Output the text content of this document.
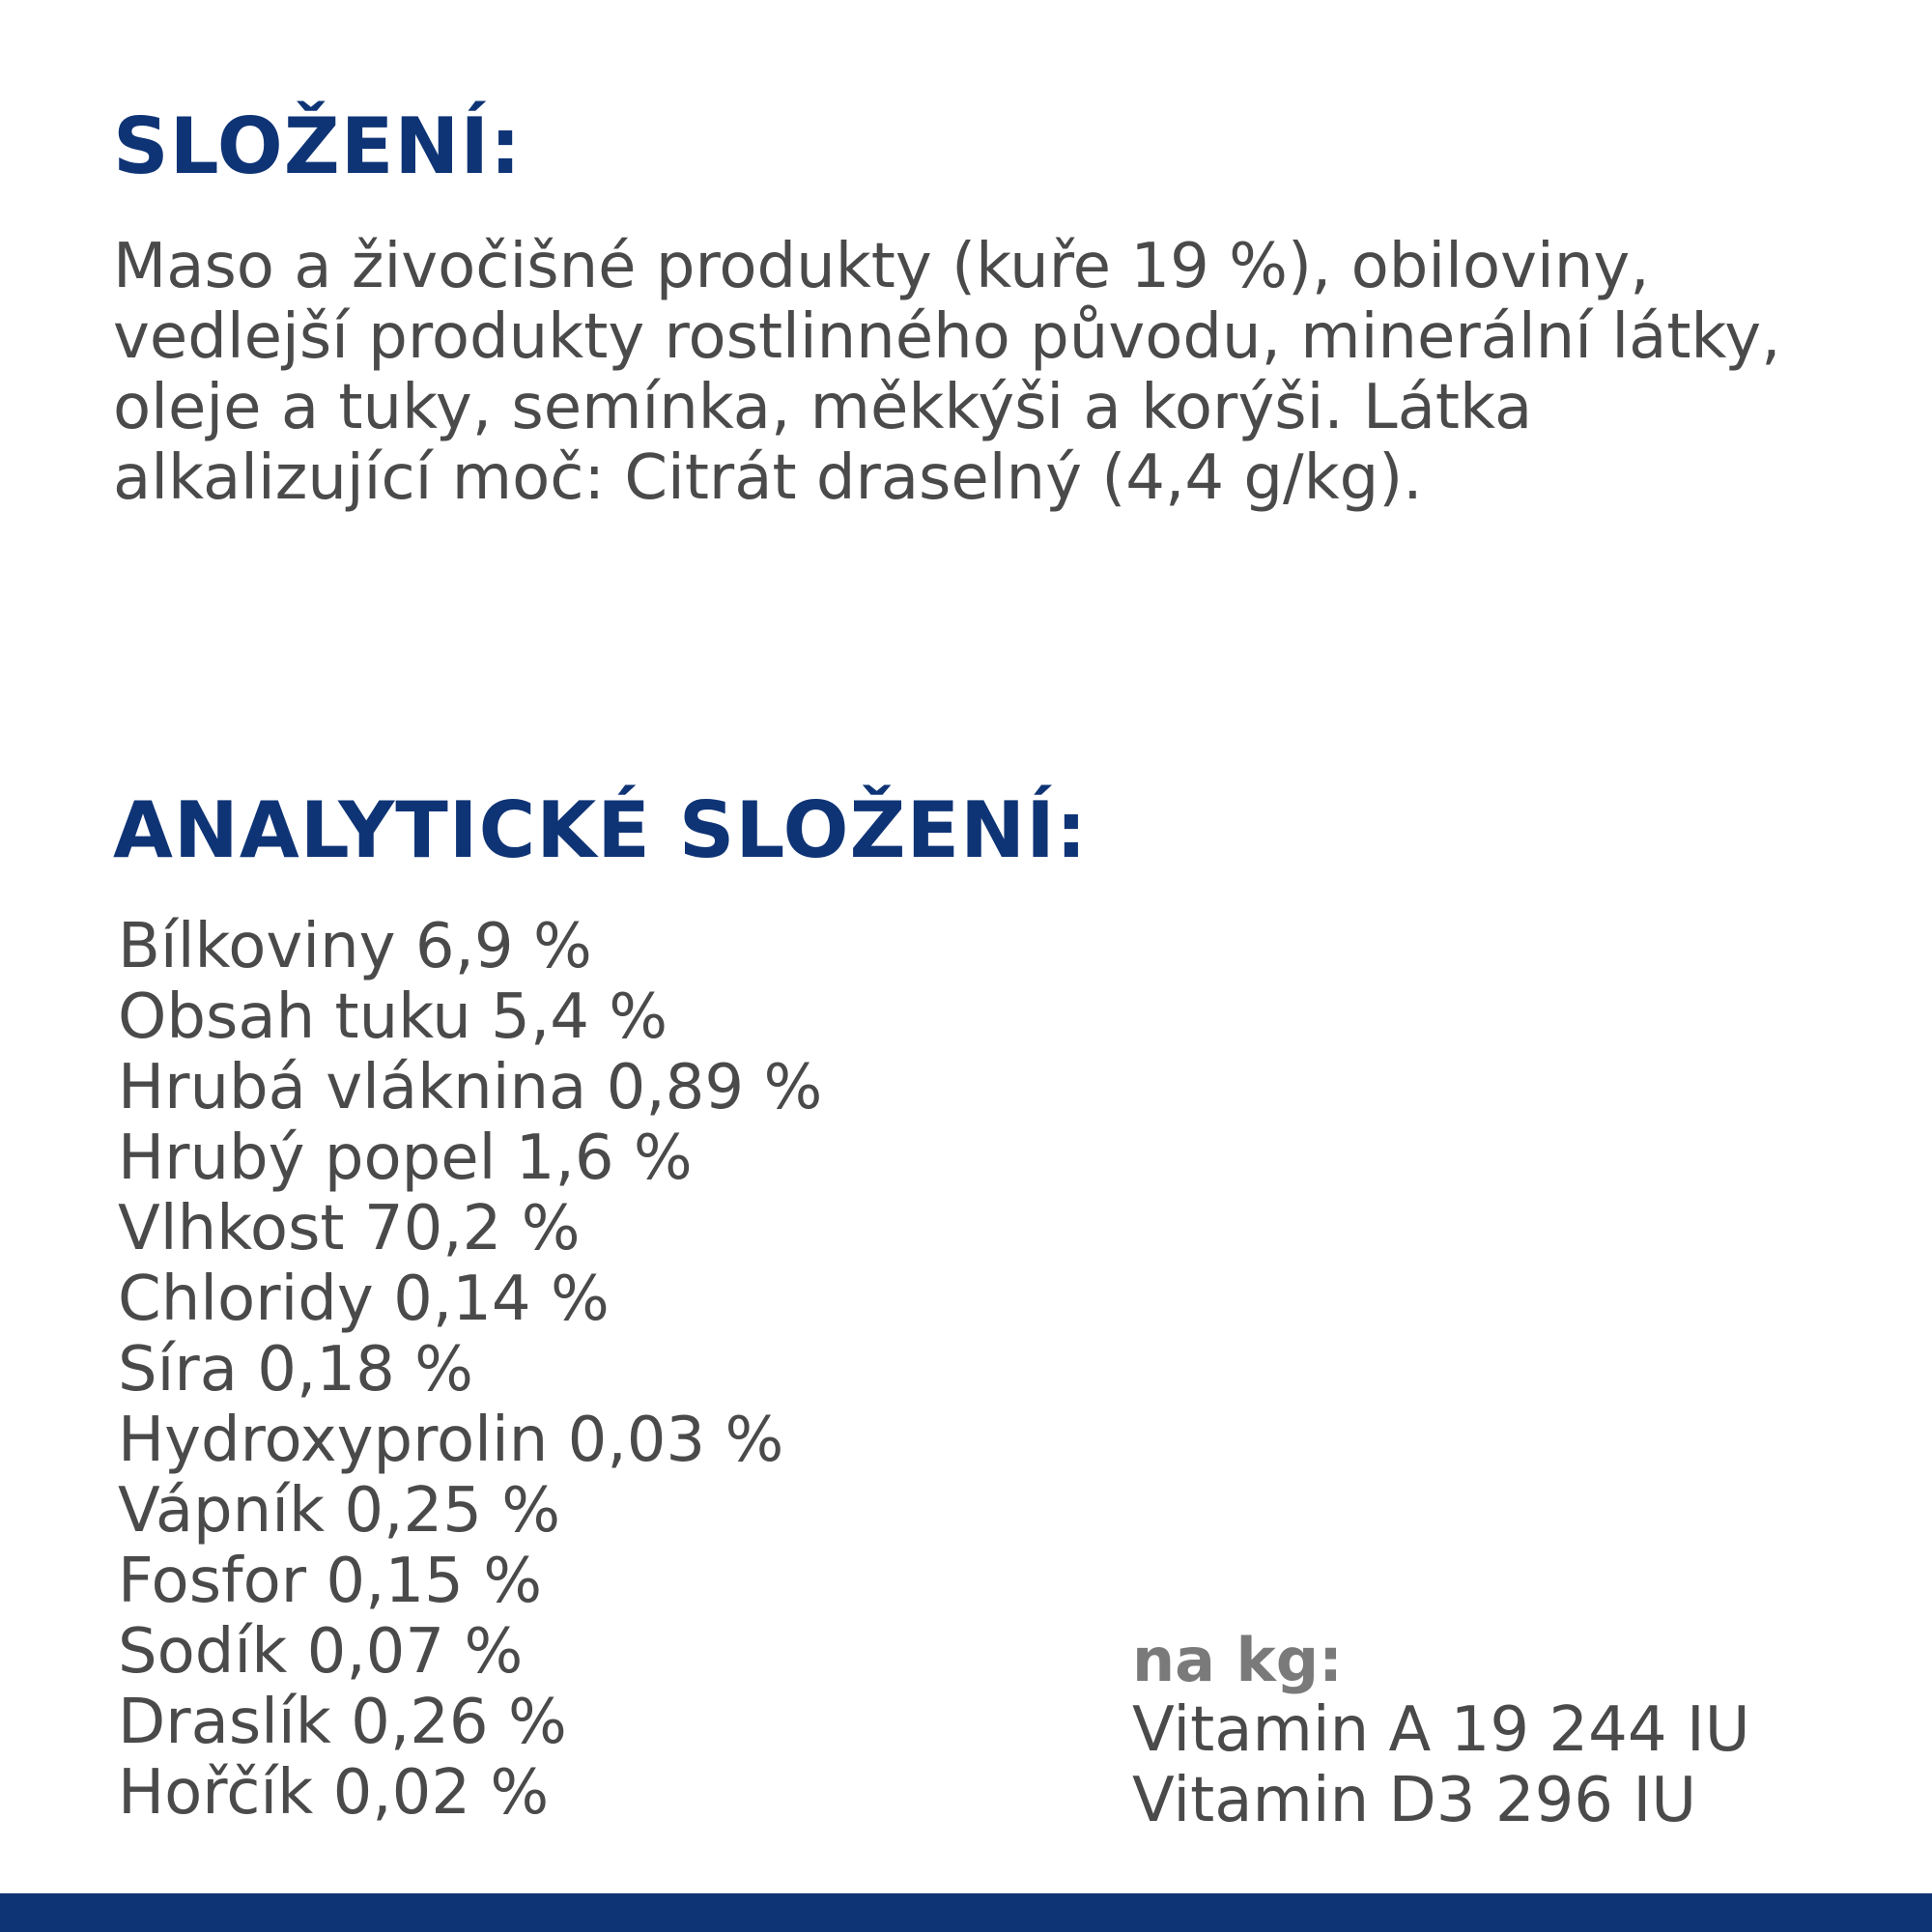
SLOŽENÍ:

Maso a živočišné produkty (kuře 19 %), obiloviny, vedlejší produkty rostlinného původu, minerální látky, oleje a tuky, semínka, měkkýši a korýši. Látka alkalizující moč: Citrát draselný (4,4 g/kg).

ANALYTICKÉ SLOŽENÍ:
Bílkoviny 6,9 %
Obsah tuku 5,4 %
Hrubá vláknina 0,89 %
Hrubý popel 1,6 %
Vlhkost 70,2 %
Chloridy 0,14 %
Síra 0,18 %
Hydroxyprolin 0,03 %
Vápník 0,25 %
Fosfor 0,15 %
Sodík 0,07 %
Draslík 0,26 %
Hořčík 0,02 %
na kg:
Vitamin A 19 244 IU
Vitamin D3 296 IU
